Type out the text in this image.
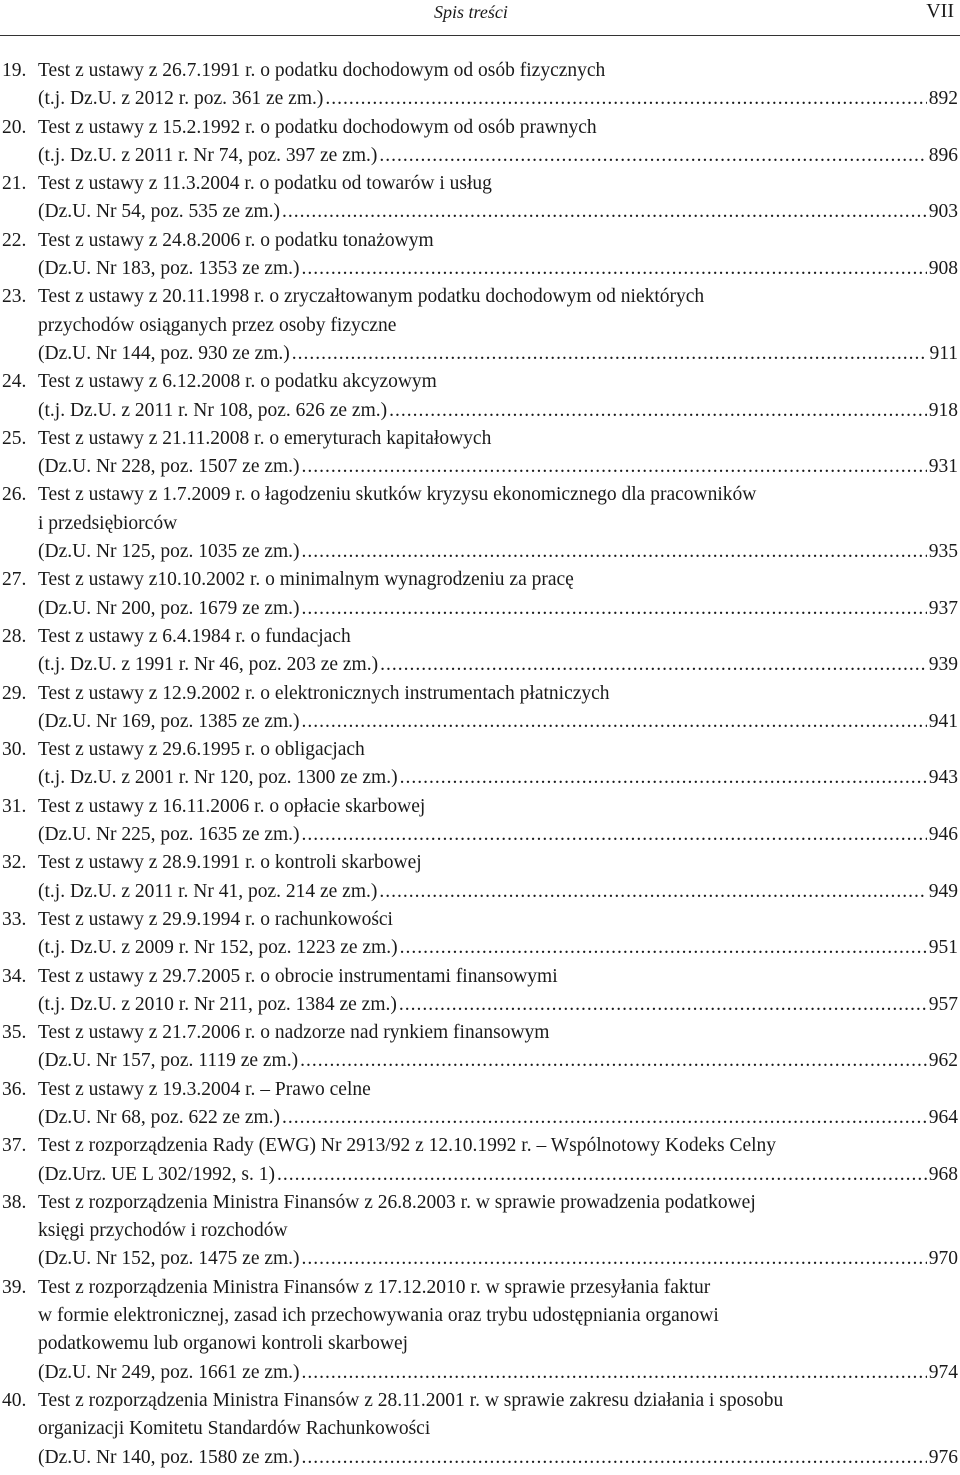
Spis treści	VII
19. Test z ustawy z 26.7.1991 r. o podatku dochodowym od osób fizycznych
(t.j. Dz.U. z 2012 r. poz. 361 ze zm.) .....	892
20. Test z ustawy z 15.2.1992 r. o podatku dochodowym od osób prawnych
(t.j. Dz.U. z 2011 r. Nr 74, poz. 397 ze zm.) .....	896
21. Test z ustawy z 11.3.2004 r. o podatku od towarów i usług
(Dz.U. Nr 54, poz. 535 ze zm.) .....	903
22. Test z ustawy z 24.8.2006 r. o podatku tonażowym
(Dz.U. Nr 183, poz. 1353 ze zm.) .....	908
23. Test z ustawy z 20.11.1998 r. o zryczałtowanym podatku dochodowym od niektórych
przychodów osiąganych przez osoby fizyczne
(Dz.U. Nr 144, poz. 930 ze zm.) .....	911
24. Test z ustawy z 6.12.2008 r. o podatku akcyzowym
(t.j. Dz.U. z 2011 r. Nr 108, poz. 626 ze zm.) .....	918
25. Test z ustawy z 21.11.2008 r. o emeryturach kapitałowych
(Dz.U. Nr 228, poz. 1507 ze zm.) .....	931
26. Test z ustawy z 1.7.2009 r. o łagodzeniu skutków kryzysu ekonomicznego dla pracowników
i przedsiębiorców
(Dz.U. Nr 125, poz. 1035 ze zm.) .....	935
27. Test z ustawy z10.10.2002 r. o minimalnym wynagrodzeniu za pracę
(Dz.U. Nr 200, poz. 1679 ze zm.) .....	937
28. Test z ustawy z 6.4.1984 r. o fundacjach
(t.j. Dz.U. z 1991 r. Nr 46, poz. 203 ze zm.) .....	939
29. Test z ustawy z 12.9.2002 r. o elektronicznych instrumentach płatniczych
(Dz.U. Nr 169, poz. 1385 ze zm.) .....	941
30. Test z ustawy z 29.6.1995 r. o obligacjach
(t.j. Dz.U. z 2001 r. Nr 120, poz. 1300 ze zm.) .....	943
31. Test z ustawy z 16.11.2006 r. o opłacie skarbowej
(Dz.U. Nr 225, poz. 1635 ze zm.) .....	946
32. Test z ustawy z 28.9.1991 r. o kontroli skarbowej
(t.j. Dz.U. z 2011 r. Nr 41, poz. 214 ze zm.) .....	949
33. Test z ustawy z 29.9.1994 r. o rachunkowości
(t.j. Dz.U. z 2009 r. Nr 152, poz. 1223 ze zm.) .....	951
34. Test z ustawy z 29.7.2005 r. o obrocie instrumentami finansowymi
(t.j. Dz.U. z 2010 r. Nr 211, poz. 1384 ze zm.) .....	957
35. Test z ustawy z 21.7.2006 r. o nadzorze nad rynkiem finansowym
(Dz.U. Nr 157, poz. 1119 ze zm.) .....	962
36. Test z ustawy z 19.3.2004 r. – Prawo celne
(Dz.U. Nr 68, poz. 622 ze zm.) .....	964
37. Test z rozporządzenia Rady (EWG) Nr 2913/92 z 12.10.1992 r. – Wspólnotowy Kodeks Celny
(Dz.Urz. UE L 302/1992, s. 1) .....	968
38. Test z rozporządzenia Ministra Finansów z 26.8.2003 r. w sprawie prowadzenia podatkowej
księgi przychodów i rozchodów
(Dz.U. Nr 152, poz. 1475 ze zm.) .....	970
39. Test z rozporządzenia Ministra Finansów z 17.12.2010 r. w sprawie przesyłania faktur
w formie elektronicznej, zasad ich przechowywania oraz trybu udostępniania organowi
podatkowemu lub organowi kontroli skarbowej
(Dz.U. Nr 249, poz. 1661 ze zm.) .....	974
40. Test z rozporządzenia Ministra Finansów z 28.11.2001 r. w sprawie zakresu działania i sposobu
organizacji Komitetu Standardów Rachunkowości
(Dz.U. Nr 140, poz. 1580 ze zm.) .....	976
